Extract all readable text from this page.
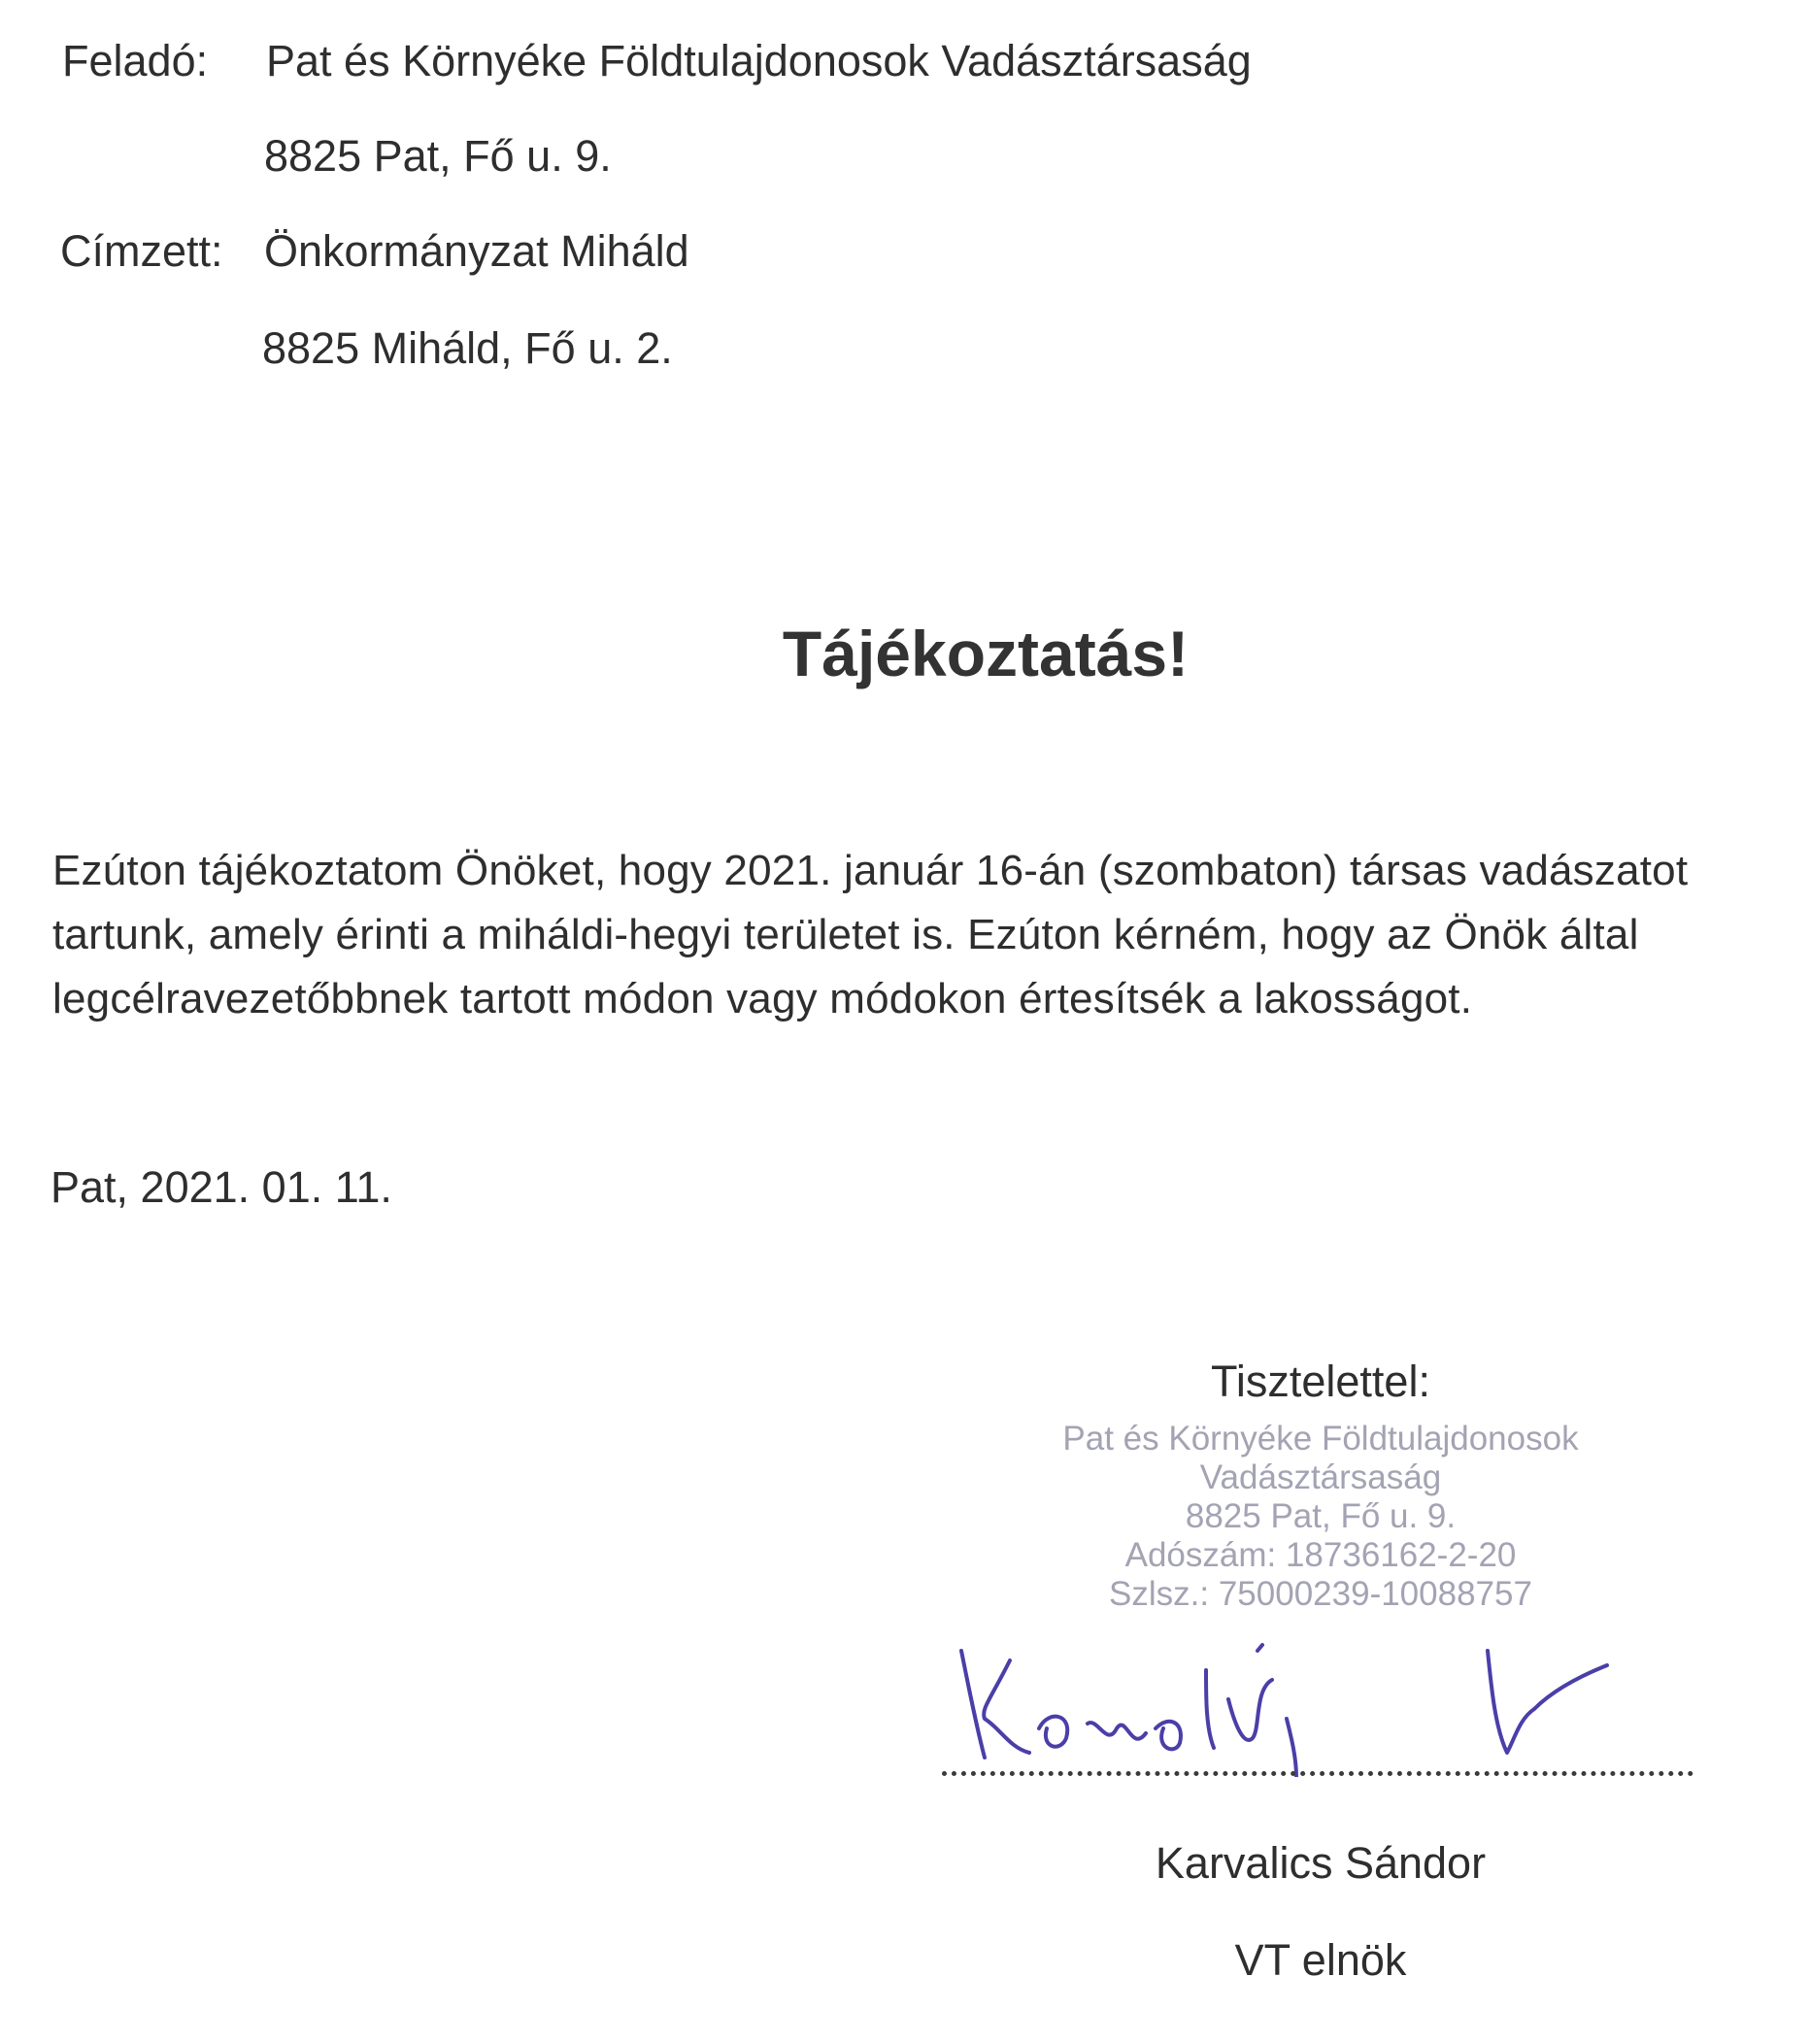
Feladó: Pat és Környéke Földtulajdonosok Vadásztársaság
8825 Pat, Fő u. 9.
Címzett: Önkormányzat Miháld
8825 Miháld, Fő u. 2.
Tájékoztatás!
Ezúton tájékoztatom Önöket, hogy 2021. január 16-án (szombaton) társas vadászatot
tartunk, amely érinti a miháldi-hegyi területet is. Ezúton kérném, hogy az Önök által
legcélravezetőbbnek tartott módon vagy módokon értesítsék a lakosságot.
Pat, 2021. 01. 11.
Tisztelettel:
Pat és Környéke Földtulajdonosok
Vadásztársaság
8825 Pat, Fő u. 9.
Adószám: 18736162-2-20
Szlsz.: 75000239-10088757
Karvalics Sándor
VT elnök
